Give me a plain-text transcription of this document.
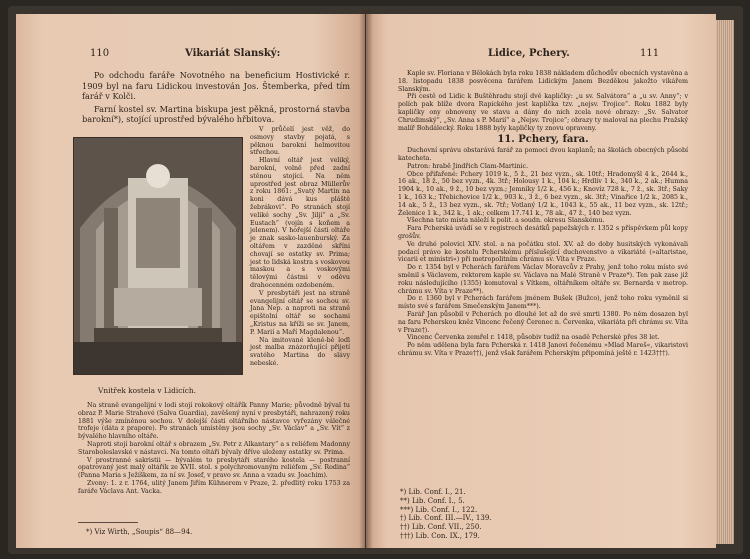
110	Vikariát Slanský:

Po odchodu faráře Novotného na beneficium Hostivické r. 1909 byl na faru Lidickou investován Jos. Štemberka, před tím farář v Kolči.

Farní kostel sv. Martina biskupa jest pěkná, prostorná stavba barokní*), stojící uprostřed bývalého hřbitova.

V průčelí jest věž, do osmovy stavby pojatá, s pěknou barokní helmovitou střechou.

Hlavní oltář jest veliký, barokní, volně před zadní stěnou stojící. Na něm uprostřed jest obraz Müllerův z roku 1861: „Svatý Martin na koni dává kus pláště žebrákovi“. Po stranách stojí veliké sochy „Sv. Jiljí“ a „Sv. Eustach“ (vojín s koňem a jelenem). V hořejší části oltáře je znak sasko-lauenburský. Za oltářem v zazděné skříni chovají se ostatky sv. Prima; jest to lidská kostra s voskovou maskou a s voskovými tělovými částmi v oděvu drahocenném ozdobeném.

V presbytáři jest na straně evangelijní oltář se sochou sv. Jana Nep. a naproti na straně epištolní oltář se sochami „Kristus na kříži se sv. Janem, P. Marií a Maří Magdalenou“.

Na imitované kleně-bě loďi jest malba znázorňující přijetí svatého Martina do slávy nebeské.

Vnitřek kostela v Lidicích.

Na straně evangelijní v lodi stojí rokokový oltářík Panny Marie; původně býval tu obraz P. Marie Strahové (Salva Guardia), zavěšený nyní v presbytáři, nahrazený roku 1881 výše zmíněnou sochou. V dolejší části oltářního nástavce vyřezány válečné trofeje (dáta z prapore). Po stranách umístěny jsou sochy „Sv. Václav“ a „Sv. Vít“ z bývalého hlavního oltáře.

Naproti stojí barokní oltář s obrazem „Sv. Petr z Alkantary“ a s reliéfem Madonny Staroboleslavské v nástavci. Na tomto oltáři bývaly dříve uloženy ostatky sv. Prima.

V prostranné sakristii — bývalém to presbytáři starého kostela — postranní opatrovaný jest malý oltářík ze XVII. stol. s polychromovaným reliéfem „Sv. Rodina“ (Panna Maria s Ježíškem, za ní sv. Josef, v pravo sv. Anna a vzadu sv. Joachim).

Zvony: 1. z r. 1764, ulitý Janem Jiřím Kühnerem v Praze, 2. předlitý roku 1753 za faráře Václava Ant. Vacka.

*) Viz Wirth, „Soupis“ 88—94.
Lidice, Pchery.	111

Kaple sv. Floriana v Bělokách byla roku 1838 nákladem důchodův obecních vystavěna a 18. listopadu 1838 posvěcena farářem Lidickým Janem Bezděkou jakožto vikářem Slanským.

Při cestě od Lidic k Buštěhradu stojí dvě kapličky: „u sv. Salvátora“ a „u sv. Anny“; v polích pak blíže dvora Rapického jest kaplička tzv. „nejsv. Trojice“. Roku 1882 byly kapličky ony obnoveny ve stavu a dány do nich zcela nové obrazy: „Sv. Salvator Chrudimský“, „Sv. Anna s P. Marií“ a „Nejsv. Trojice“; obrazy ty maloval na plechu Pražský malíř Bohdálecký. Roku 1888 byly kapličky ty znovu opraveny.

11. Pchery, fara.

Duchovní správu obstarává farář za pomoci dvou kaplanů; na školách obecných působí katecheta.

Patron: hrabě Jindřich Clam-Martinic.

Obce přifařené: Pchery 1019 k., 5 ž., 21 bez vyzn., sk. 10tř.; Hradomyšl 4 k., 2644 k., 16 ak., 18 ž., 50 bez vyzn., 4k. 3tř.; Holousy 1 k., 104 k.; Hrdlív 1 k., 340 k., 2 ak.; Humna 1904 k., 10 ak., 9 ž., 10 bez vyzn.; Jemníky 1/2 k., 456 k.; Knovíz 728 k., 7 ž., sk. 3tř.; Saky 1 k., 163 k.; Třebichovice 1/2 k., 903 k., 3 ž., 6 bez vyzn., sk. 3tř.; Vinařice 1/2 k., 2085 k., 14 ak., 5 ž., 13 bez vyzn., sk. 7tř.; Votlaný 1/2 k., 1043 k., 55 ak., 11 bez vyzn., sk. 12tř.; Želenice 1 k., 342 k., 1 ak.; celkem 17.741 k., 78 ak., 47 ž., 140 bez vyzn.

Všechna tato místa náleží k polit. a soudn. okresu Slanskému.

Fara Pcherská uvádí se v registrech desátků papežských r. 1352 s příspěvkem půl kopy grošův.

Ve druhé polovici XIV. stol. a na počátku stol. XV. až do doby husitských vykonávali podací právo ke kostelu Pcherskému příslušející duchovenstvo a vikariáté (»altaristae, vicarii et ministri«) při metropolitním chrámu sv. Víta v Praze.

Do r. 1354 byl v Pcherách farářem Václav Moravcův z Prahy, jenž toho roku místo své směnil s Václavem, rektorem kaple sv. Václava na Malé Straně v Praze*). Ten pak zase již roku následujícího (1355) komutoval s Vítkem, oltářníkem oltáře sv. Bernarda v metrop. chrámu sv. Víta v Praze**).

Do r. 1360 byl v Pcherách farářem jménem Bušek (Bužco), jenž toho roku vyměnil si místo své s farářem Smečenským Janem***).

Farář Jan působil v Pcherách po dlouhé let až do své smrti 1380. Po něm dosazen byl na faru Pcherskou kněz Vincenc řečený Čerenec n. Červenka, vikariáta při chrámu sv. Víta v Praze†).

Vincenc Červenka zemřel r. 1418, působiv tudíž na osadě Pcherské přes 38 let.

Po něm udělena byla fara Pcherská r. 1418 Janovi řečenému »Mlad Mareš«, vikaristovi chrámu sv. Víta v Praze††), jenž však farářem Pcherským připomíná ještě r. 1423†††).

*) Lib. Conf. I., 21.
**) Lib. Conf. I., 5.
***) Lib. Conf. I., 122.
†) Lib. Conf. III.—IV., 139.
††) Lib. Conf. VII., 250.
†††) Lib. Con. IX., 179.
